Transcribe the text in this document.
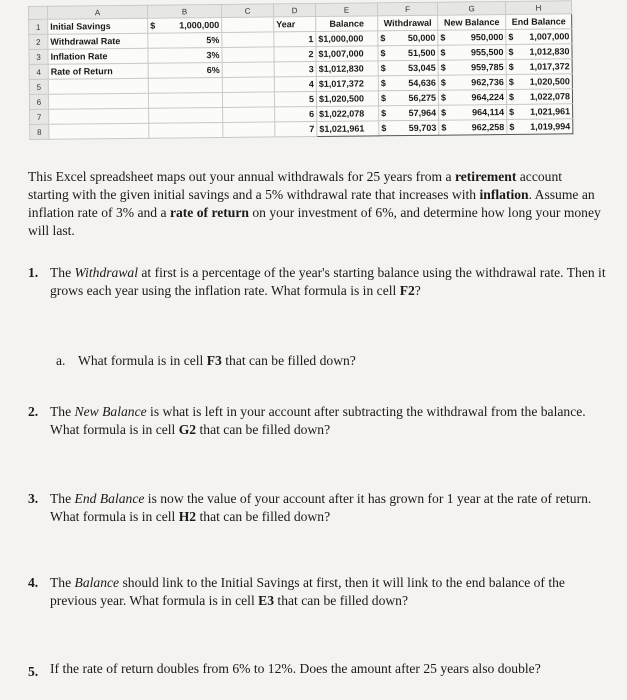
	A	B	C	D	E	F	G	H
1	Initial Savings	$ 1,000,000		Year	Balance	Withdrawal	New Balance	End Balance
2	Withdrawal Rate	5%		1	$1,000,000	$ 50,000	$ 950,000	$ 1,007,000

3	Inflation Rate	3%		2	$1,007,000	$ 51,500	$ 955,500	$ 1,012,830

4	Rate of Return	6%		3	$1,012,830	$ 53,045	$ 959,785	$ 1,017,372

5				4	$1,017,372	$ 54,636	$ 962,736	$ 1,020,500

6				5	$1,020,500	$ 56,275	$ 964,224	$ 1,022,078

7				6	$1,022,078	$ 57,964	$ 964,114	$ 1,021,961

8				7	$1,021,961	$ 59,703	$ 962,258	$ 1,019,994

This Excel spreadsheet maps out your annual withdrawals for 25 years from a retirement account starting with the given initial savings and a 5% withdrawal rate that increases with inflation. Assume an inflation rate of 3% and a rate of return on your investment of 6%, and determine how long your money will last.

1. The Withdrawal at first is a percentage of the year's starting balance using the withdrawal rate. Then it grows each year using the inflation rate. What formula is in cell F2?
a. What formula is in cell F3 that can be filled down?
2. The New Balance is what is left in your account after subtracting the withdrawal from the balance. What formula is in cell G2 that can be filled down?
3. The End Balance is now the value of your account after it has grown for 1 year at the rate of return. What formula is in cell H2 that can be filled down?
4. The Balance should link to the Initial Savings at first, then it will link to the end balance of the previous year. What formula is in cell E3 that can be filled down?
5. If the rate of return doubles from 6% to 12%. Does the amount after 25 years also double?
